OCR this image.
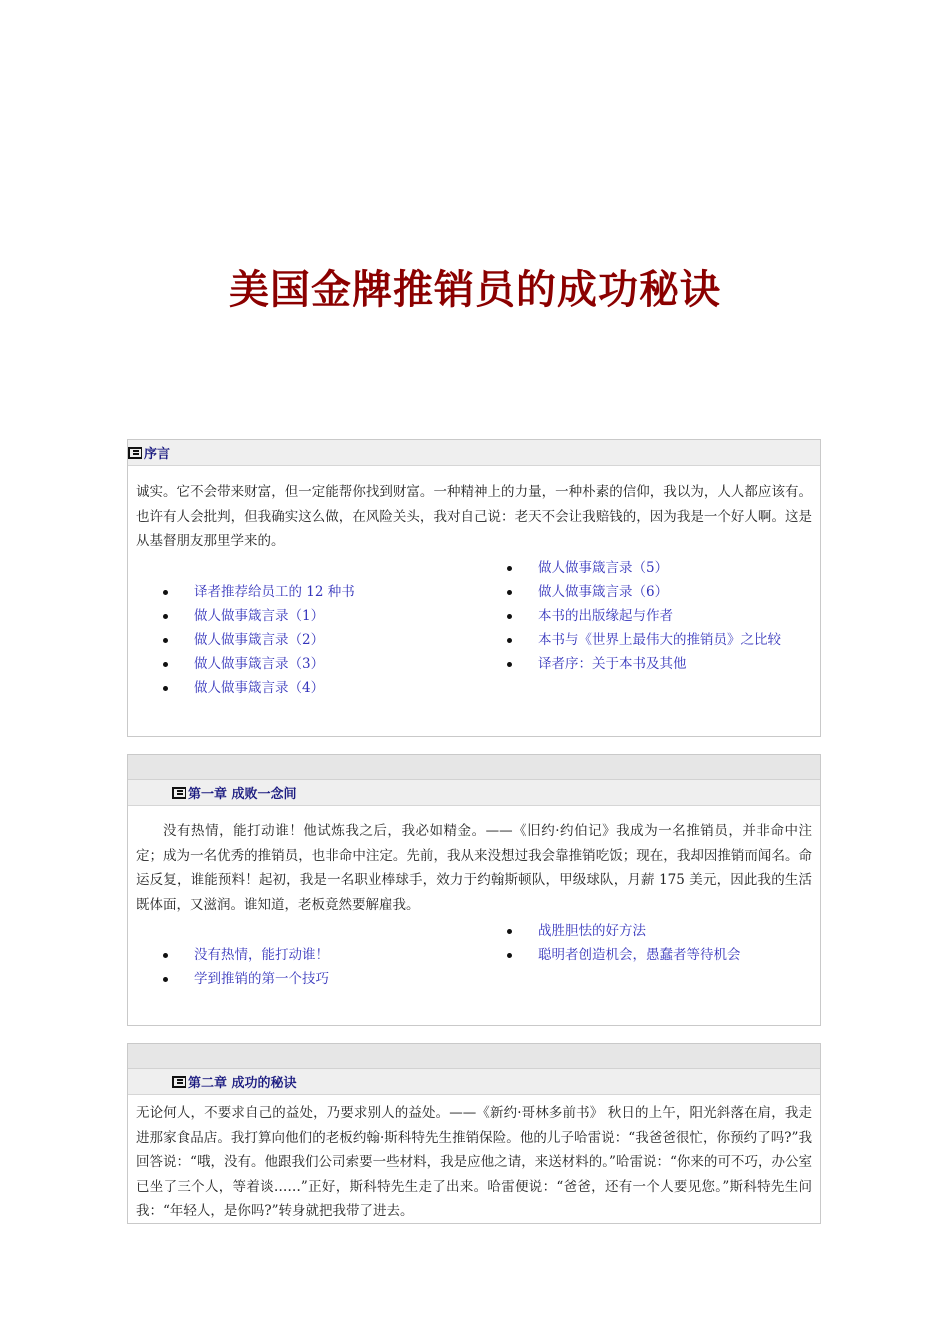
美国金牌推销员的成功秘诀
序言

诚实。它不会带来财富，但一定能帮你找到财富。一种精神上的力量，一种朴素的信仰，我以为，人人都应该有。也许有人会批判，但我确实这么做，在风险关头，我对自己说：老天不会让我赔钱的，因为我是一个好人啊。这是从基督朋友那里学来的。

译者推荐给员工的 12 种书
做人做事箴言录（1）
做人做事箴言录（2）
做人做事箴言录（3）
做人做事箴言录（4）
做人做事箴言录（5）
做人做事箴言录（6）
本书的出版缘起与作者
本书与《世界上最伟大的推销员》之比较
译者序：关于本书及其他
第一章 成败一念间

没有热情，能打动谁！他试炼我之后，我必如精金。——《旧约·约伯记》我成为一名推销员，并非命中注定；成为一名优秀的推销员，也非命中注定。先前，我从来没想过我会靠推销吃饭；现在，我却因推销而闻名。命运反复，谁能预料！起初，我是一名职业棒球手，效力于约翰斯顿队，甲级球队，月薪 175 美元，因此我的生活既体面，又滋润。谁知道，老板竟然要解雇我。

没有热情，能打动谁！
学到推销的第一个技巧
战胜胆怯的好方法
聪明者创造机会，愚蠢者等待机会
第二章 成功的秘诀

无论何人，不要求自己的益处，乃要求别人的益处。——《新约·哥林多前书》 秋日的上午，阳光斜落在肩，我走进那家食品店。我打算向他们的老板约翰·斯科特先生推销保险。他的儿子哈雷说：“我爸爸很忙，你预约了吗?”我回答说：“哦，没有。他跟我们公司索要一些材料，我是应他之请，来送材料的。”哈雷说：“你来的可不巧，办公室已坐了三个人，等着谈……”正好，斯科特先生走了出来。哈雷便说：“爸爸，还有一个人要见您。”斯科特先生问我：“年轻人，是你吗?”转身就把我带了进去。
